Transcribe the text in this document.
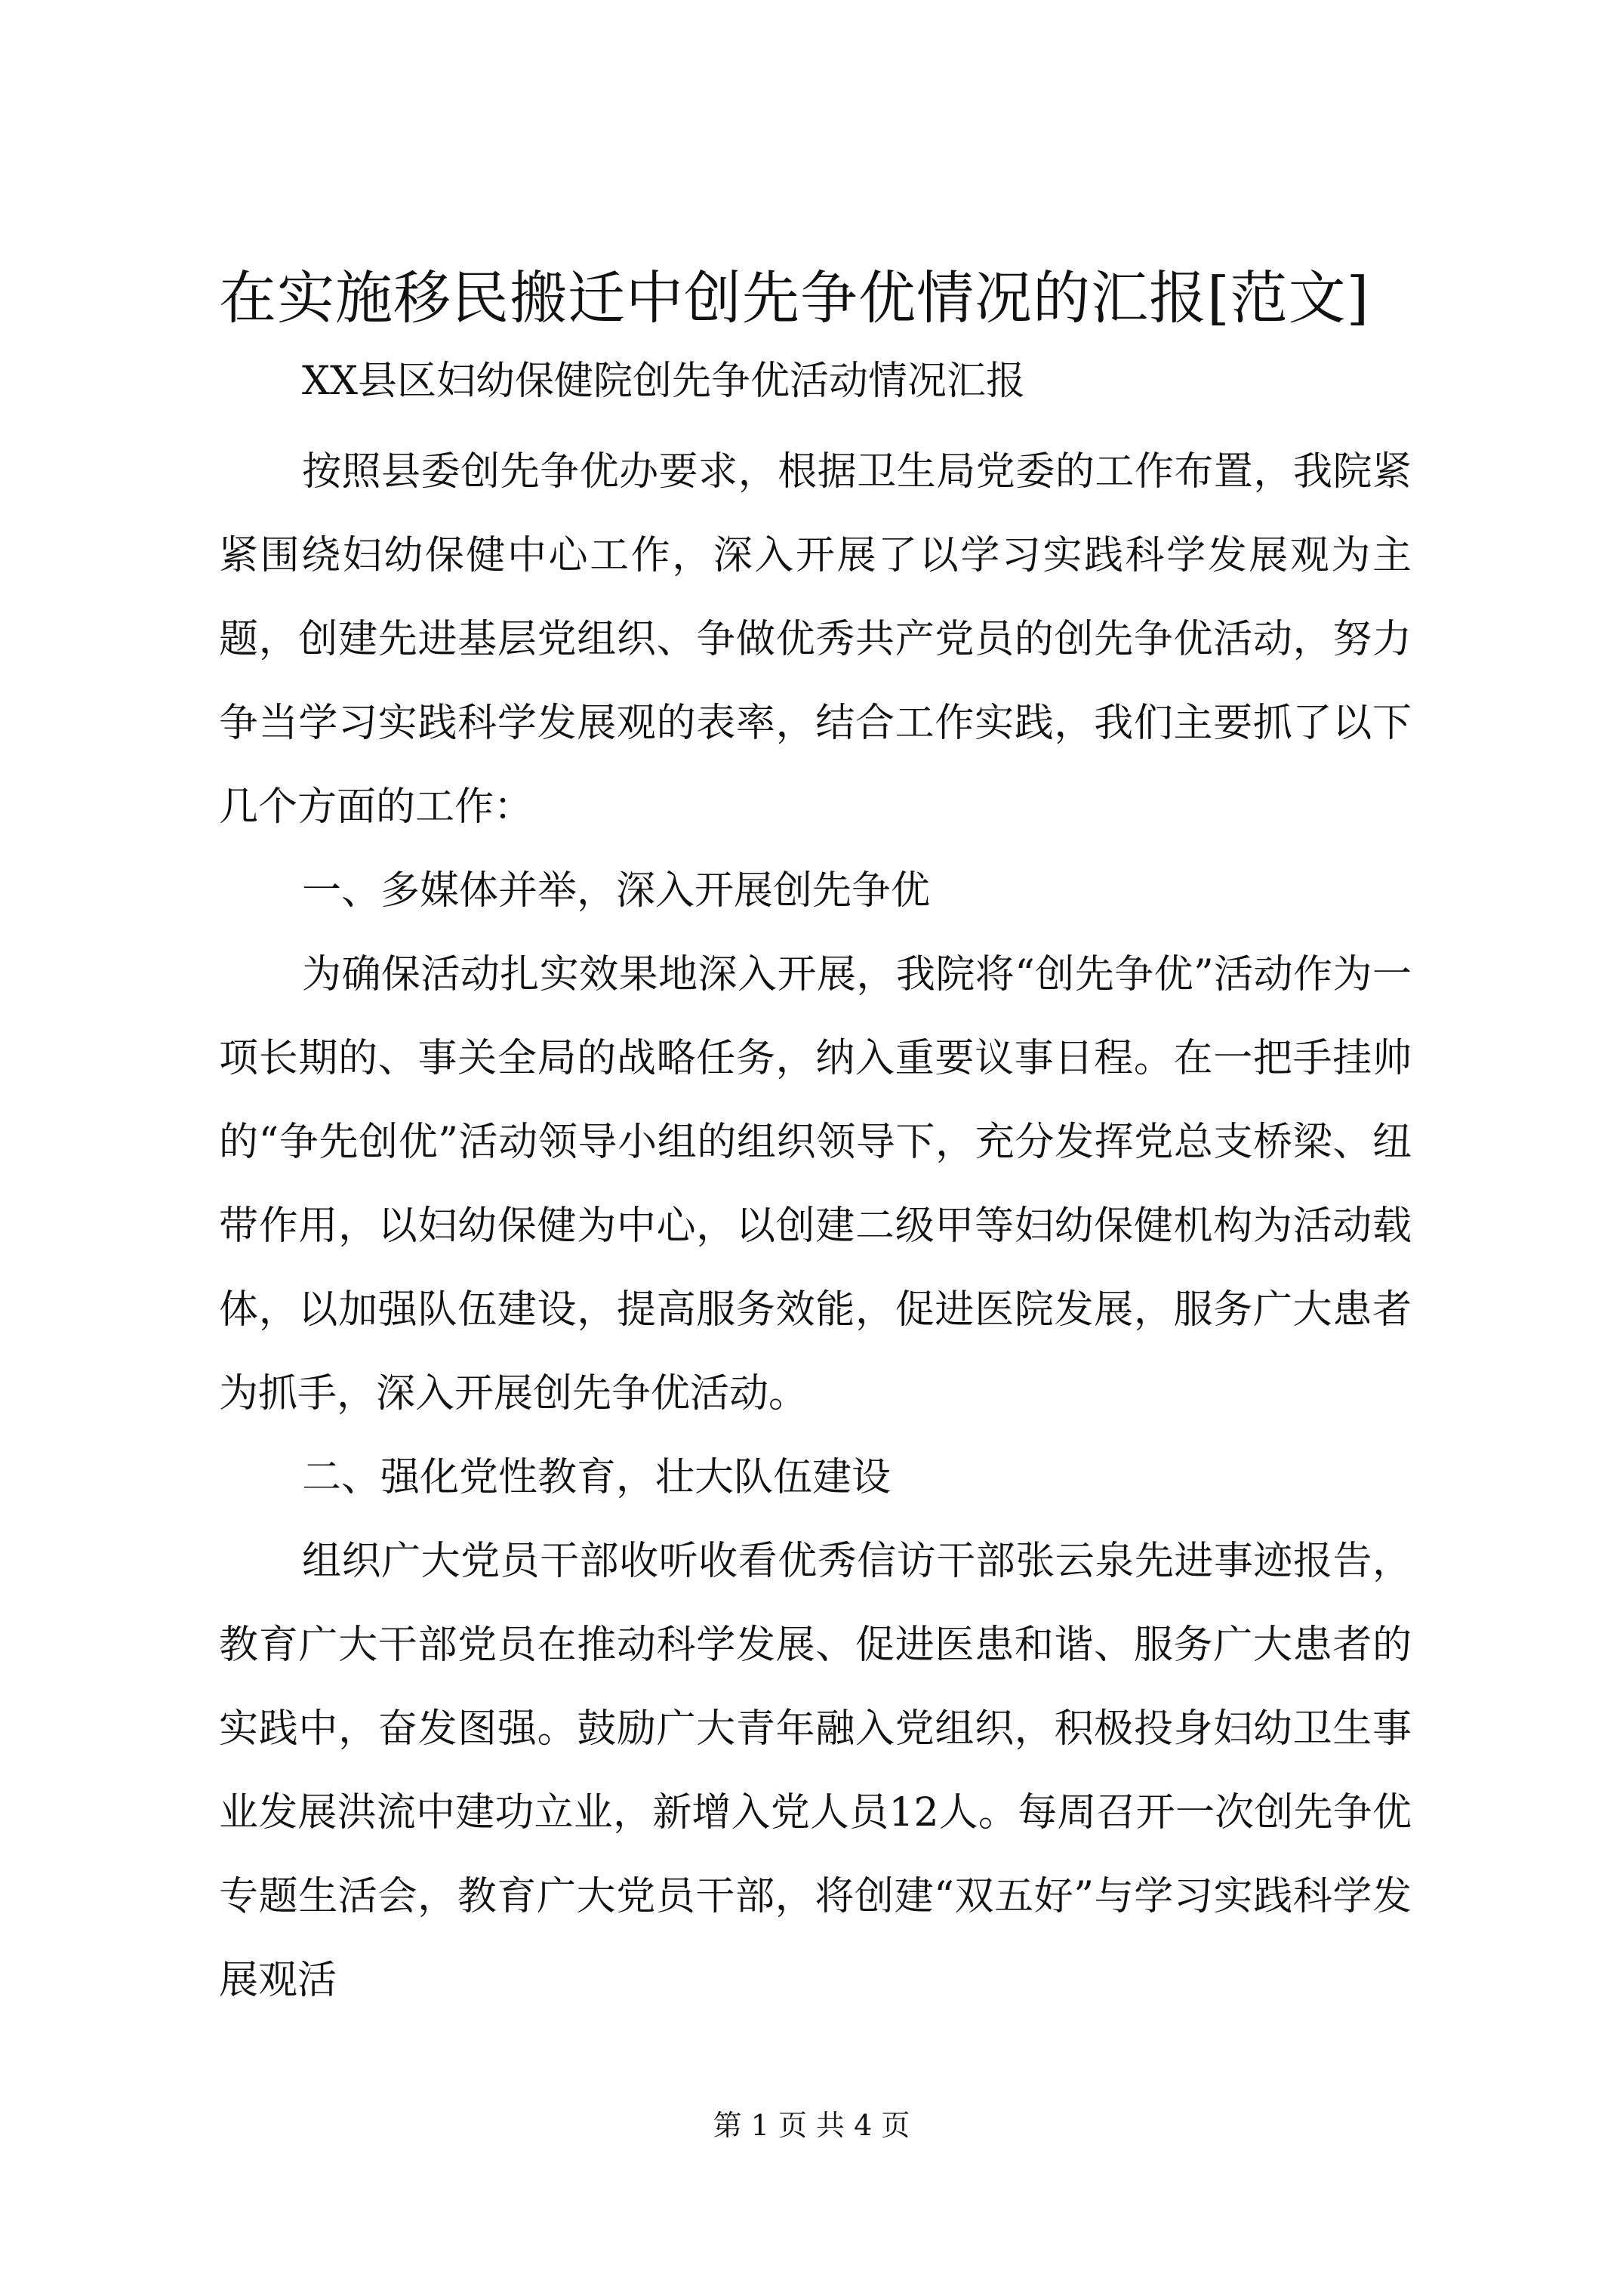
在实施移民搬迁中创先争优情况的汇报[范文]
XX县区妇幼保健院创先争优活动情况汇报

按照县委创先争优办要求，根据卫生局党委的工作布置，我院紧紧围绕妇幼保健中心工作，深入开展了以学习实践科学发展观为主题，创建先进基层党组织、争做优秀共产党员的创先争优活动，努力争当学习实践科学发展观的表率，结合工作实践，我们主要抓了以下几个方面的工作：

一、多媒体并举，深入开展创先争优

为确保活动扎实效果地深入开展，我院将“创先争优”活动作为一项长期的、事关全局的战略任务，纳入重要议事日程。在一把手挂帅的“争先创优”活动领导小组的组织领导下，充分发挥党总支桥梁、纽带作用，以妇幼保健为中心，以创建二级甲等妇幼保健机构为活动载体，以加强队伍建设，提高服务效能，促进医院发展，服务广大患者为抓手，深入开展创先争优活动。

二、强化党性教育，壮大队伍建设

组织广大党员干部收听收看优秀信访干部张云泉先进事迹报告，教育广大干部党员在推动科学发展、促进医患和谐、服务广大患者的实践中，奋发图强。鼓励广大青年融入党组织，积极投身妇幼卫生事业发展洪流中建功立业，新增入党人员12人。每周召开一次创先争优专题生活会，教育广大党员干部，将创建“双五好”与学习实践科学发展观活

第 1 页 共 4 页
